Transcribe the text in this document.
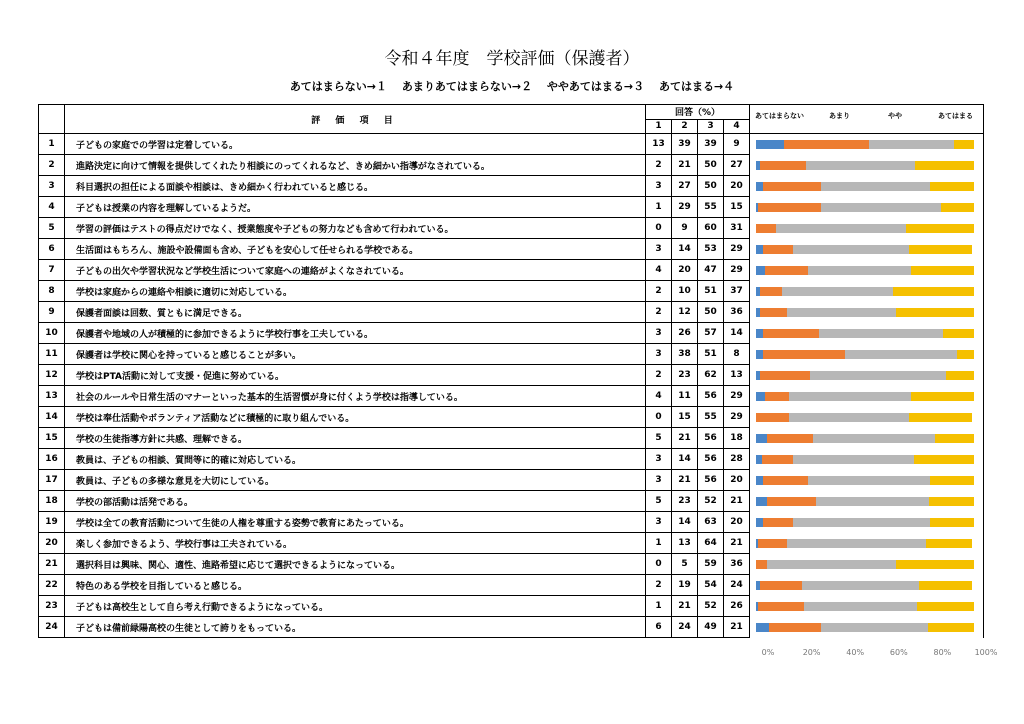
令和４年度　学校評価（保護者）
あてはまらない→１　 あまりあてはまらない→２　 ややあてはまる→３　 あてはまる→４
	評 価 項 目	回答（%）				あてはまらない あまり やや あてはまる

		1	2	3	4	
1	子どもの家庭での学習は定着している。	13	39	39	9	

2	進路決定に向けて情報を提供してくれたり相談にのってくれるなど、きめ細かい指導がなされている。	2	21	50	27	

3	科目選択の担任による面談や相談は、きめ細かく行われていると感じる。	3	27	50	20	

4	子どもは授業の内容を理解しているようだ。	1	29	55	15	

5	学習の評価はテストの得点だけでなく、授業態度や子どもの努力なども含めて行われている。	0	9	60	31	

6	生活面はもちろん、施設や設備面も含め、子どもを安心して任せられる学校である。	3	14	53	29	

7	子どもの出欠や学習状況など学校生活について家庭への連絡がよくなされている。	4	20	47	29	

8	学校は家庭からの連絡や相談に適切に対応している。	2	10	51	37	

9	保護者面談は回数、質ともに満足できる。	2	12	50	36	

10	保護者や地域の人が積極的に参加できるように学校行事を工夫している。	3	26	57	14	

11	保護者は学校に関心を持っていると感じることが多い。	3	38	51	8	

12	学校はPTA活動に対して支援・促進に努めている。	2	23	62	13	

13	社会のルールや日常生活のマナーといった基本的生活習慣が身に付くよう学校は指導している。	4	11	56	29	

14	学校は奉仕活動やボランティア活動などに積極的に取り組んでいる。	0	15	55	29	

15	学校の生徒指導方針に共感、理解できる。	5	21	56	18	

16	教員は、子どもの相談、質問等に的確に対応している。	3	14	56	28	

17	教員は、子どもの多様な意見を大切にしている。	3	21	56	20	

18	学校の部活動は活発である。	5	23	52	21	

19	学校は全ての教育活動について生徒の人権を尊重する姿勢で教育にあたっている。	3	14	63	20	

20	楽しく参加できるよう、学校行事は工夫されている。	1	13	64	21	

21	選択科目は興味、関心、適性、進路希望に応じて選択できるようになっている。	0	5	59	36	

22	特色のある学校を目指していると感じる。	2	19	54	24	

23	子どもは高校生として自ら考え行動できるようになっている。	1	21	52	26	

24	子どもは備前緑陽高校の生徒として誇りをもっている。	6	24	49	21	
0%	20%	40%	60%	80%	100%
